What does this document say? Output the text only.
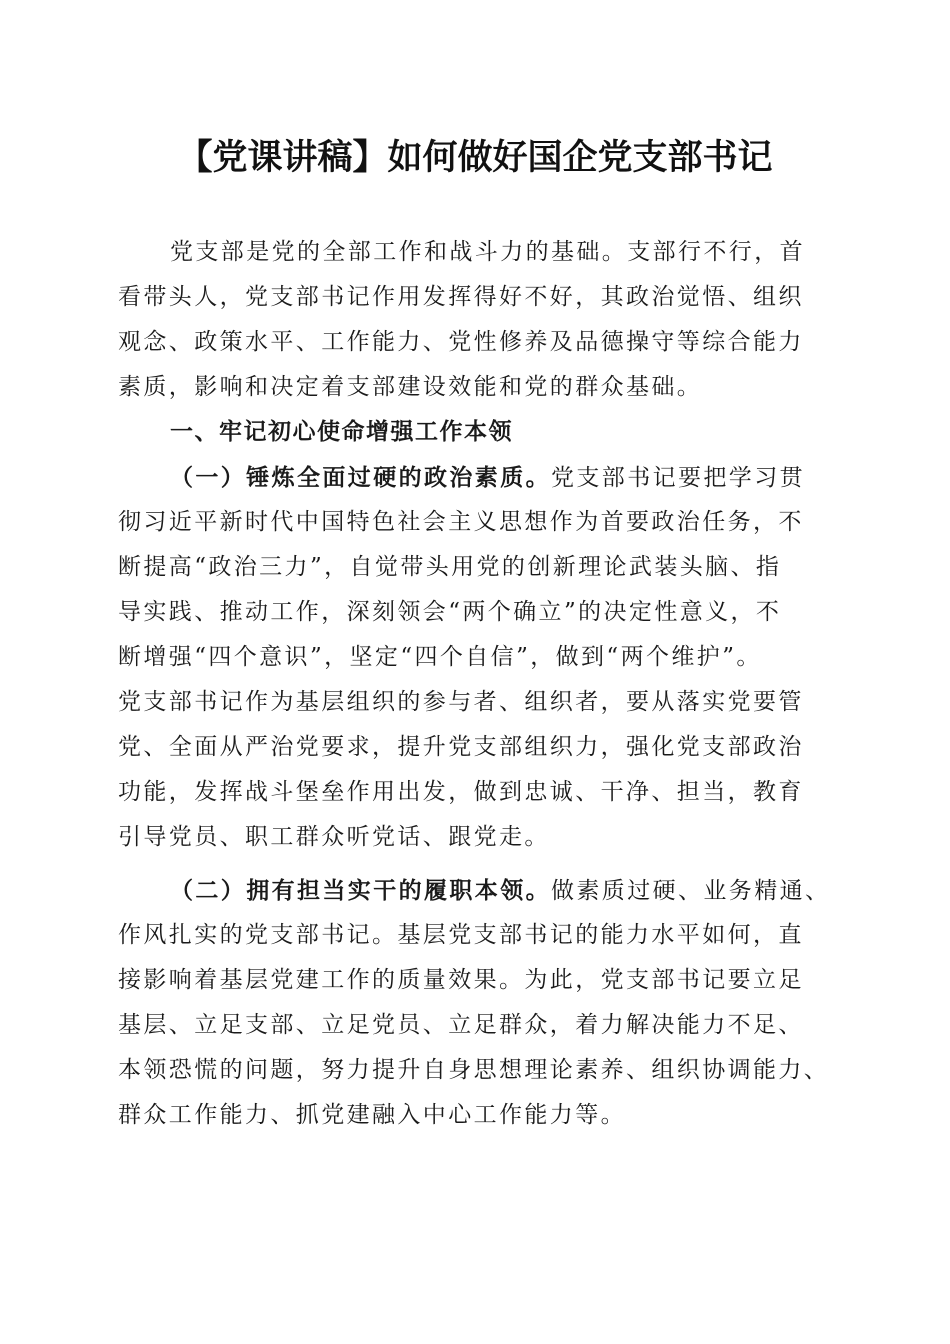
【党课讲稿】如何做好国企党支部书记
党支部是党的全部工作和战斗力的基础。支部行不行，首
看带头人，党支部书记作用发挥得好不好，其政治觉悟、组织
观念、政策水平、工作能力、党性修养及品德操守等综合能力
素质，影响和决定着支部建设效能和党的群众基础。
一、牢记初心使命增强工作本领
（一）锤炼全面过硬的政治素质。党支部书记要把学习贯
彻习近平新时代中国特色社会主义思想作为首要政治任务，不
断提高“政治三力”，自觉带头用党的创新理论武装头脑、指
导实践、推动工作，深刻领会“两个确立”的决定性意义，不
断增强“四个意识”，坚定“四个自信”，做到“两个维护”。
党支部书记作为基层组织的参与者、组织者，要从落实党要管
党、全面从严治党要求，提升党支部组织力，强化党支部政治
功能，发挥战斗堡垒作用出发，做到忠诚、干净、担当，教育
引导党员、职工群众听党话、跟党走。
（二）拥有担当实干的履职本领。做素质过硬、业务精通、
作风扎实的党支部书记。基层党支部书记的能力水平如何，直
接影响着基层党建工作的质量效果。为此，党支部书记要立足
基层、立足支部、立足党员、立足群众，着力解决能力不足、
本领恐慌的问题，努力提升自身思想理论素养、组织协调能力、
群众工作能力、抓党建融入中心工作能力等。
